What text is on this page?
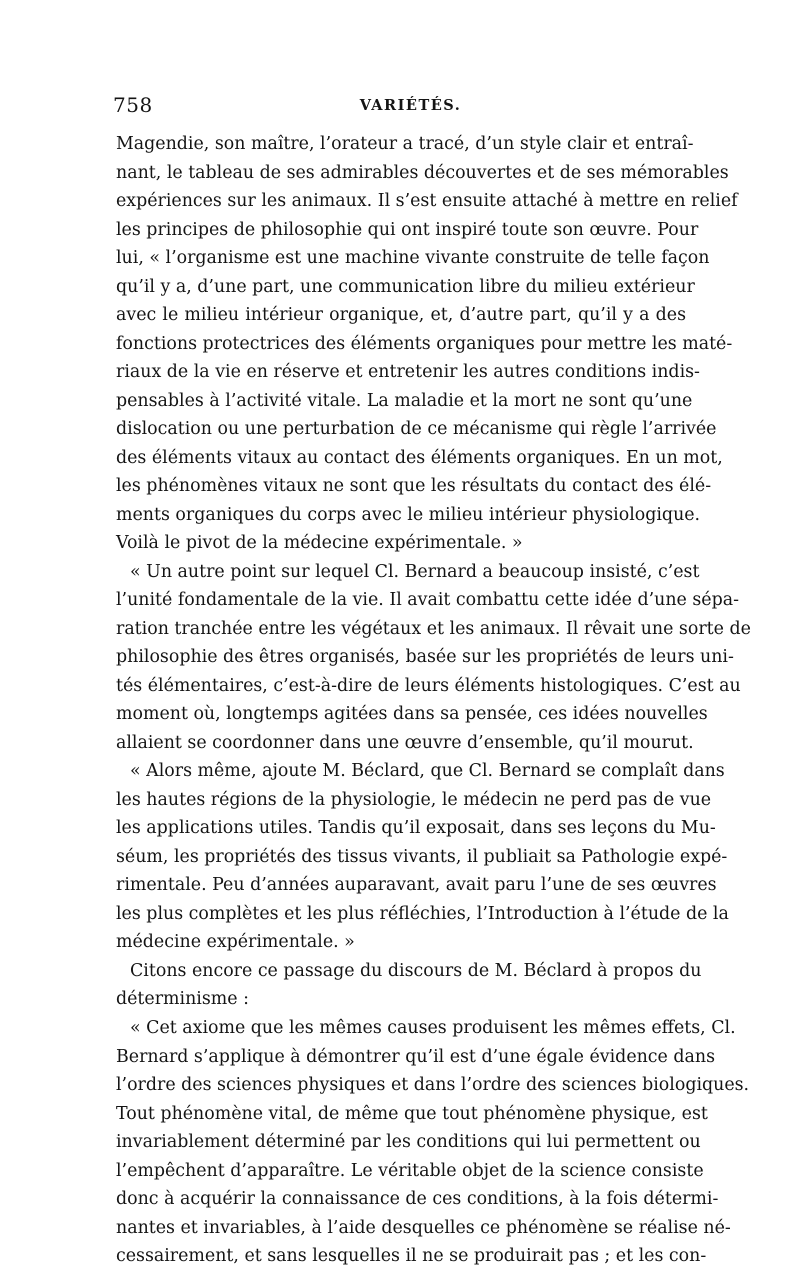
758	VARIÉTÉS.
Magendie, son maître, l’orateur a tracé, d’un style clair et entraî-
nant, le tableau de ses admirables découvertes et de ses mémorables
expériences sur les animaux. Il s’est ensuite attaché à mettre en relief
les principes de philosophie qui ont inspiré toute son œuvre. Pour
lui, « l’organisme est une machine vivante construite de telle façon
qu’il y a, d’une part, une communication libre du milieu extérieur
avec le milieu intérieur organique, et, d’autre part, qu’il y a des
fonctions protectrices des éléments organiques pour mettre les maté-
riaux de la vie en réserve et entretenir les autres conditions indis-
pensables à l’activité vitale. La maladie et la mort ne sont qu’une
dislocation ou une perturbation de ce mécanisme qui règle l’arrivée
des éléments vitaux au contact des éléments organiques. En un mot,
les phénomènes vitaux ne sont que les résultats du contact des élé-
ments organiques du corps avec le milieu intérieur physiologique.
Voilà le pivot de la médecine expérimentale. »
« Un autre point sur lequel Cl. Bernard a beaucoup insisté, c’est
l’unité fondamentale de la vie. Il avait combattu cette idée d’une sépa-
ration tranchée entre les végétaux et les animaux. Il rêvait une sorte de
philosophie des êtres organisés, basée sur les propriétés de leurs uni-
tés élémentaires, c’est-à-dire de leurs éléments histologiques. C’est au
moment où, longtemps agitées dans sa pensée, ces idées nouvelles
allaient se coordonner dans une œuvre d’ensemble, qu’il mourut.
« Alors même, ajoute M. Béclard, que Cl. Bernard se complaît dans
les hautes régions de la physiologie, le médecin ne perd pas de vue
les applications utiles. Tandis qu’il exposait, dans ses leçons du Mu-
séum, les propriétés des tissus vivants, il publiait sa Pathologie expé-
rimentale. Peu d’années auparavant, avait paru l’une de ses œuvres
les plus complètes et les plus réfléchies, l’Introduction à l’étude de la
médecine expérimentale. »
Citons encore ce passage du discours de M. Béclard à propos du
déterminisme :
« Cet axiome que les mêmes causes produisent les mêmes effets, Cl.
Bernard s’applique à démontrer qu’il est d’une égale évidence dans
l’ordre des sciences physiques et dans l’ordre des sciences biologiques.
Tout phénomène vital, de même que tout phénomène physique, est
invariablement déterminé par les conditions qui lui permettent ou
l’empêchent d’apparaître. Le véritable objet de la science consiste
donc à acquérir la connaissance de ces conditions, à la fois détermi-
nantes et invariables, à l’aide desquelles ce phénomène se réalise né-
cessairement, et sans lesquelles il ne se produirait pas ; et les con-
